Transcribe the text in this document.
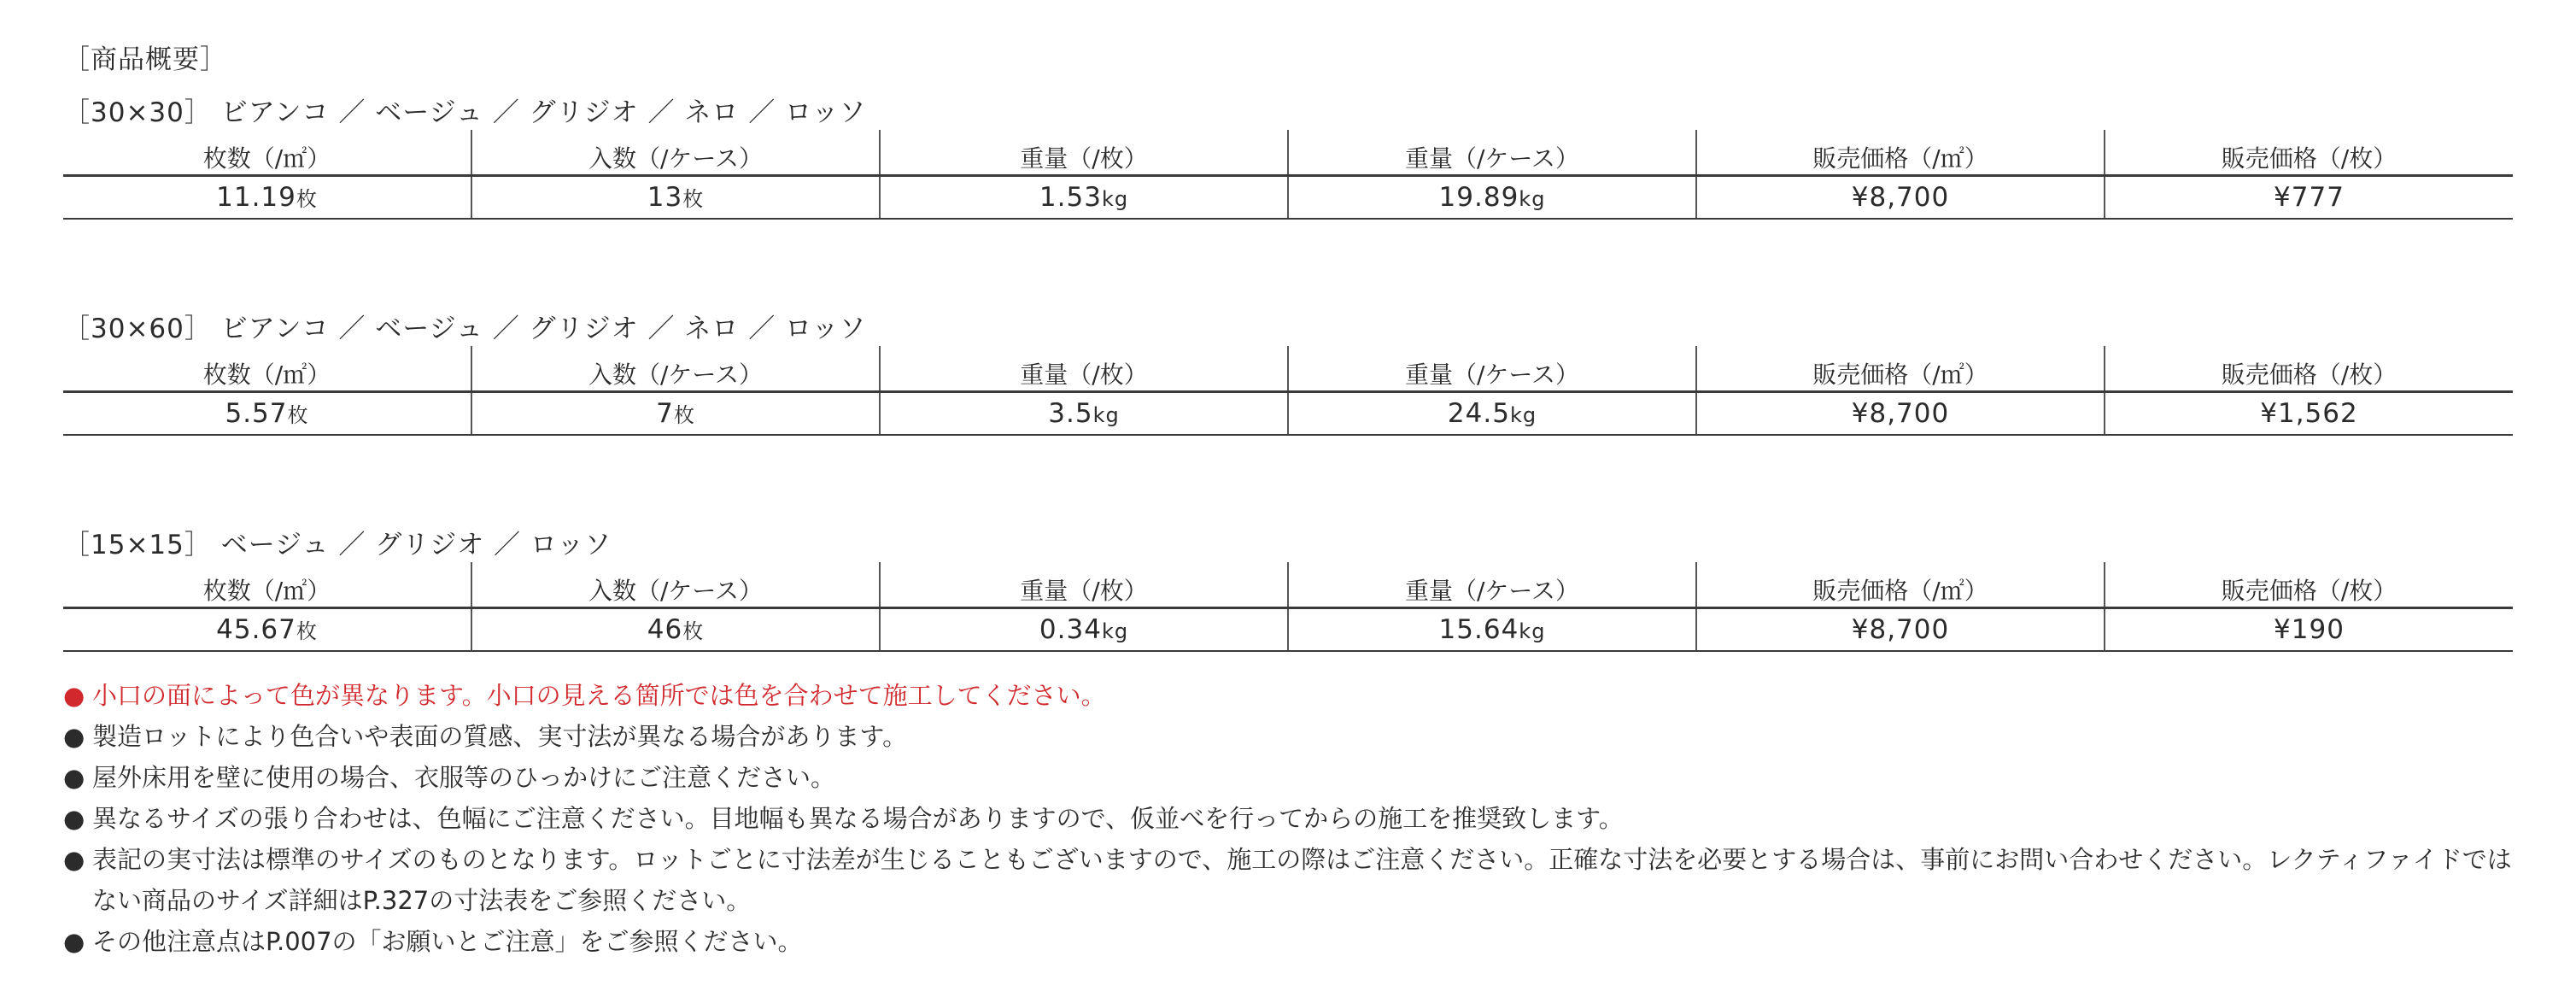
［商品概要］
［30×30］ ビアンコ ／ ベージュ ／ グリジオ ／ ネロ ／ ロッソ
枚数（/㎡）	入数（/ケース）	重量（/枚）	重量（/ケース）	販売価格（/㎡）	販売価格（/枚）
11.19枚	13枚	1.53kg	19.89kg	¥8,700	¥777
［30×60］ ビアンコ ／ ベージュ ／ グリジオ ／ ネロ ／ ロッソ
枚数（/㎡）	入数（/ケース）	重量（/枚）	重量（/ケース）	販売価格（/㎡）	販売価格（/枚）
5.57枚	7枚	3.5kg	24.5kg	¥8,700	¥1,562
［15×15］ ベージュ ／ グリジオ ／ ロッソ
枚数（/㎡）	入数（/ケース）	重量（/枚）	重量（/ケース）	販売価格（/㎡）	販売価格（/枚）
45.67枚	46枚	0.34kg	15.64kg	¥8,700	¥190
● 小口の面によって色が異なります。小口の見える箇所では色を合わせて施工してください。
● 製造ロットにより色合いや表面の質感、実寸法が異なる場合があります。
● 屋外床用を壁に使用の場合、衣服等のひっかけにご注意ください。
● 異なるサイズの張り合わせは、色幅にご注意ください。目地幅も異なる場合がありますので、仮並べを行ってからの施工を推奨致します。
● 表記の実寸法は標準のサイズのものとなります。ロットごとに寸法差が生じることもございますので、施工の際はご注意ください。正確な寸法を必要とする場合は、事前にお問い合わせください。レクティファイドではない商品のサイズ詳細はP.327の寸法表をご参照ください。
● その他注意点はP.007の「お願いとご注意」をご参照ください。
